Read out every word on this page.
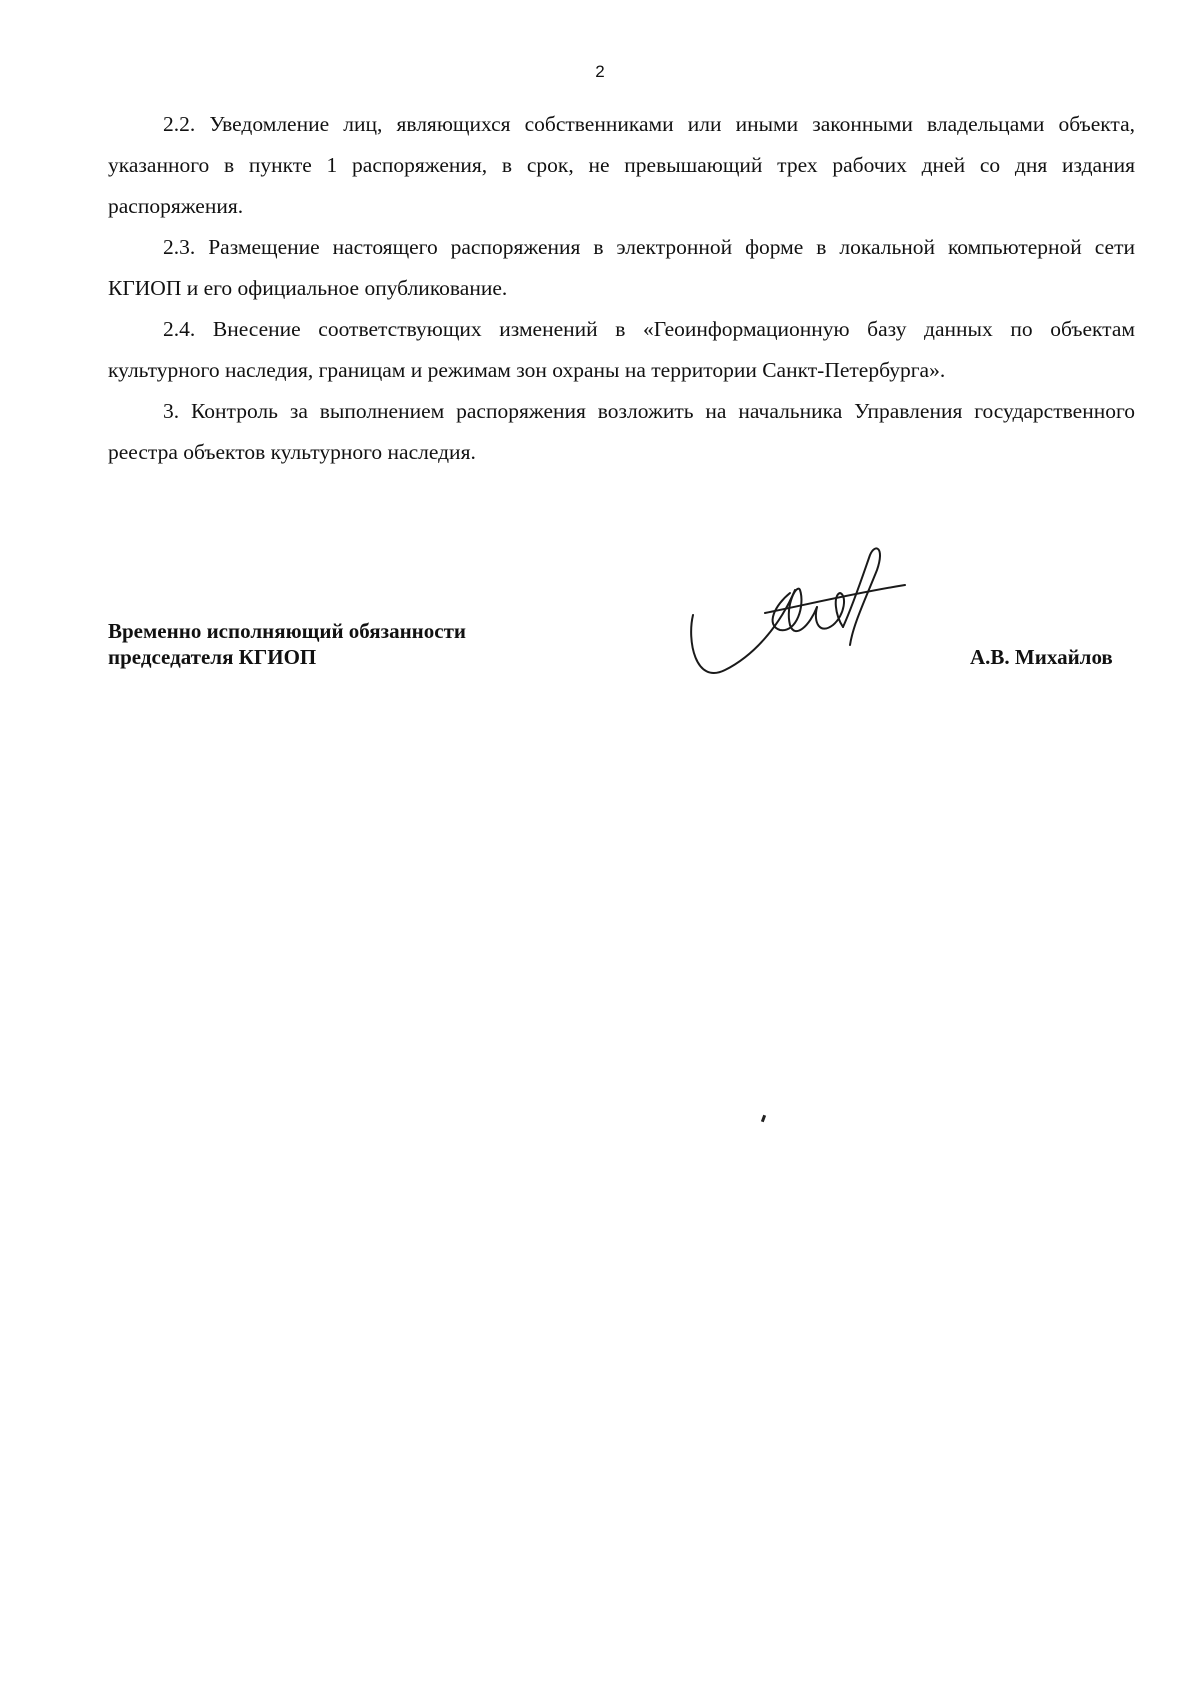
2

2.2. Уведомление лиц, являющихся собственниками или иными законными владельцами объекта, указанного в пункте 1 распоряжения, в срок, не превышающий трех рабочих дней со дня издания распоряжения.

2.3. Размещение настоящего распоряжения в электронной форме в локальной компьютерной сети КГИОП и его официальное опубликование.

2.4. Внесение соответствующих изменений в «Геоинформационную базу данных по объектам культурного наследия, границам и режимам зон охраны на территории Санкт-Петербурга».

3. Контроль за выполнением распоряжения возложить на начальника Управления государственного реестра объектов культурного наследия.

Временно исполняющий обязанности
председателя КГИОП	А.В. Михайлов
